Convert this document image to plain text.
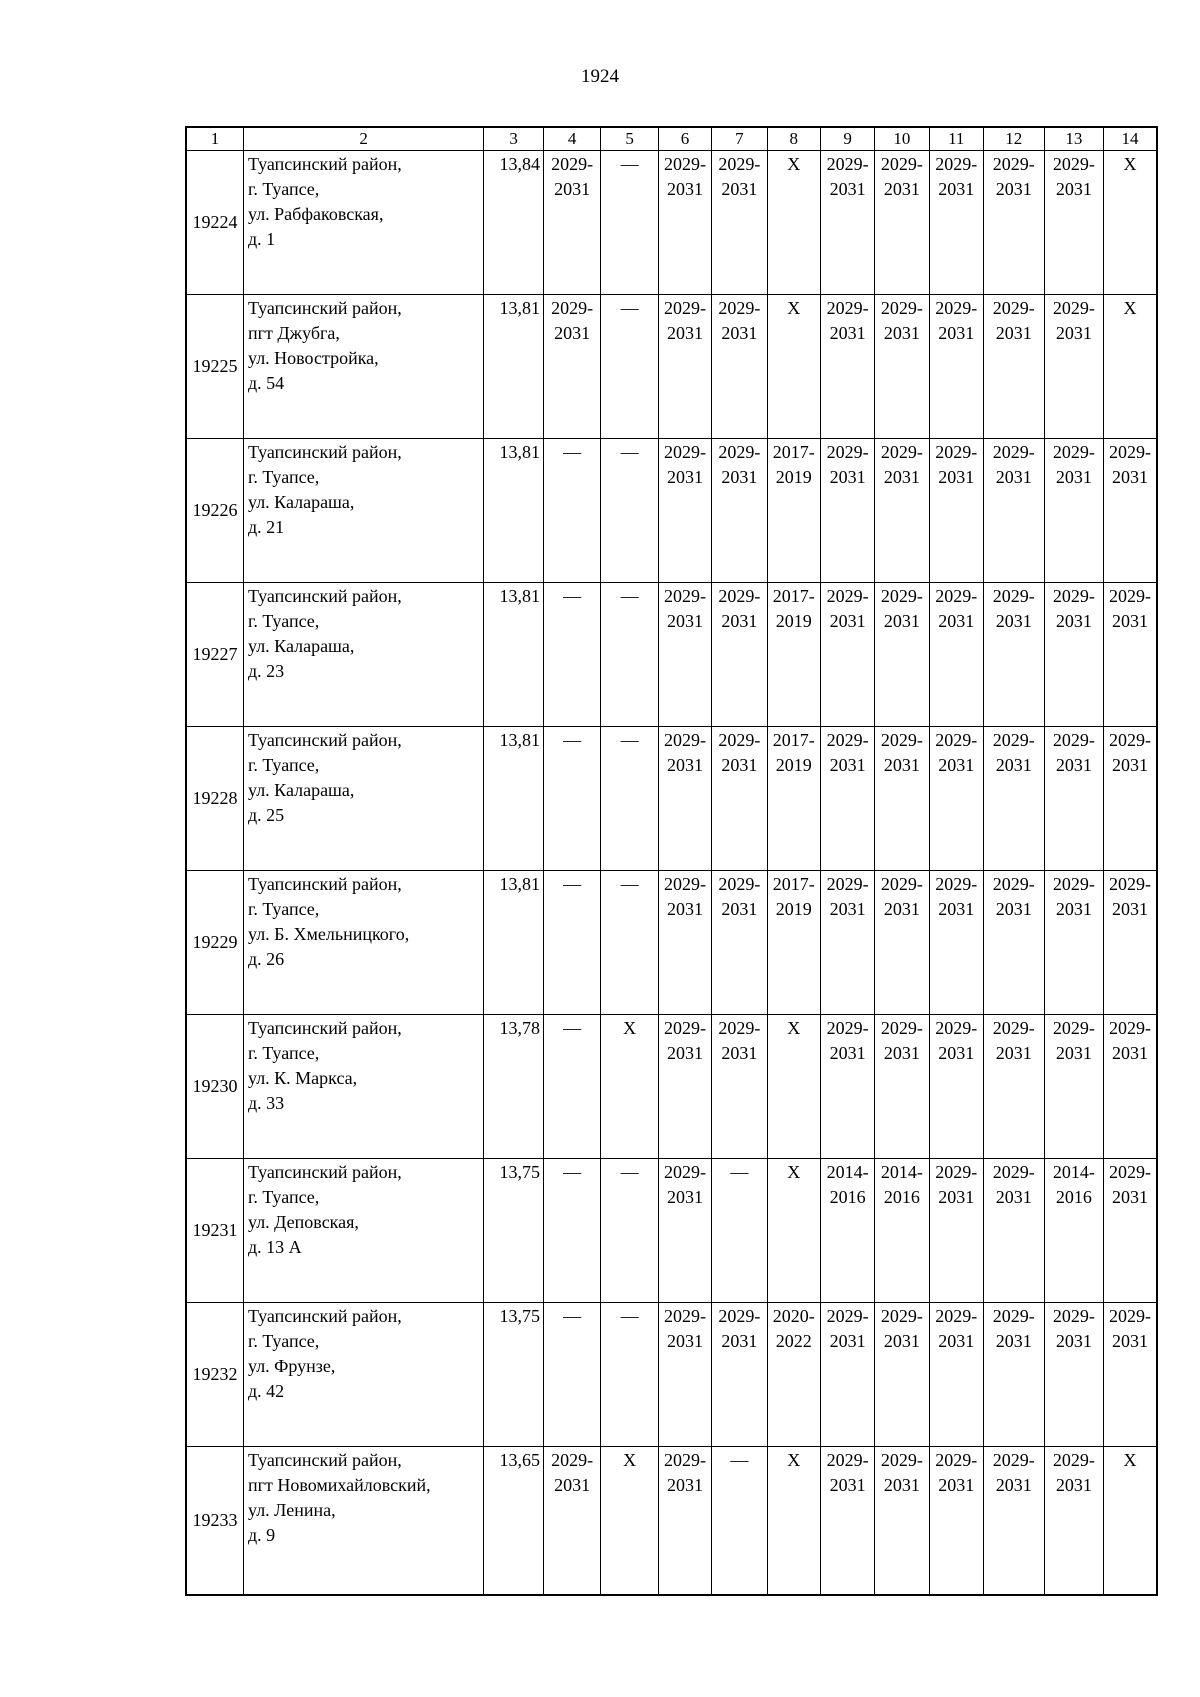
1924
1	2	3	4	5	6	7	8	9	10	11	12	13	14
19224	Туапсинский район,
г. Туапсе,
ул. Рабфаковская,
д. 1	13,84	2029-
2031	—	2029-
2031	2029-
2031	Х	2029-
2031	2029-
2031	2029-
2031	2029-
2031	2029-
2031	Х

19225	Туапсинский район,
пгт Джубга,
ул. Новостройка,
д. 54	13,81	2029-
2031	—	2029-
2031	2029-
2031	Х	2029-
2031	2029-
2031	2029-
2031	2029-
2031	2029-
2031	Х

19226	Туапсинский район,
г. Туапсе,
ул. Калараша,
д. 21	13,81	—	—	2029-
2031	2029-
2031	2017-
2019	2029-
2031	2029-
2031	2029-
2031	2029-
2031	2029-
2031	2029-
2031

19227	Туапсинский район,
г. Туапсе,
ул. Калараша,
д. 23	13,81	—	—	2029-
2031	2029-
2031	2017-
2019	2029-
2031	2029-
2031	2029-
2031	2029-
2031	2029-
2031	2029-
2031

19228	Туапсинский район,
г. Туапсе,
ул. Калараша,
д. 25	13,81	—	—	2029-
2031	2029-
2031	2017-
2019	2029-
2031	2029-
2031	2029-
2031	2029-
2031	2029-
2031	2029-
2031

19229	Туапсинский район,
г. Туапсе,
ул. Б. Хмельницкого,
д. 26	13,81	—	—	2029-
2031	2029-
2031	2017-
2019	2029-
2031	2029-
2031	2029-
2031	2029-
2031	2029-
2031	2029-
2031

19230	Туапсинский район,
г. Туапсе,
ул. К. Маркса,
д. 33	13,78	—	Х	2029-
2031	2029-
2031	Х	2029-
2031	2029-
2031	2029-
2031	2029-
2031	2029-
2031	2029-
2031

19231	Туапсинский район,
г. Туапсе,
ул. Деповская,
д. 13 А	13,75	—	—	2029-
2031	—	Х	2014-
2016	2014-
2016	2029-
2031	2029-
2031	2014-
2016	2029-
2031

19232	Туапсинский район,
г. Туапсе,
ул. Фрунзе,
д. 42	13,75	—	—	2029-
2031	2029-
2031	2020-
2022	2029-
2031	2029-
2031	2029-
2031	2029-
2031	2029-
2031	2029-
2031

19233	Туапсинский район,
пгт Новомихайловский,
ул. Ленина,
д. 9	13,65	2029-
2031	Х	2029-
2031	—	Х	2029-
2031	2029-
2031	2029-
2031	2029-
2031	2029-
2031	Х
